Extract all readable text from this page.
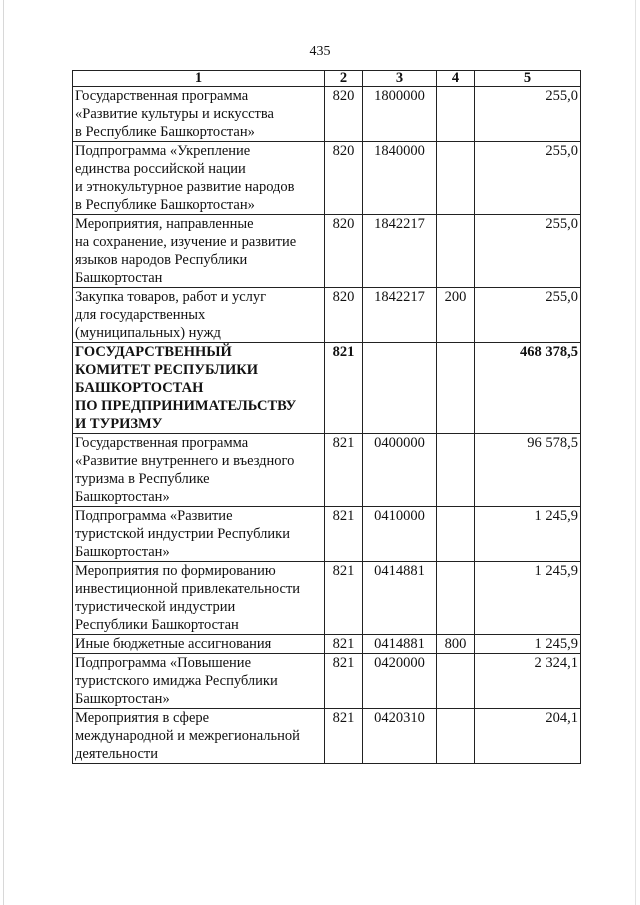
435
1	2	3	4	5
Государственная программа
«Развитие культуры и искусства
в Республике Башкортостан»	820	1800000		255,0
Подпрограмма «Укрепление
единства российской нации
и этнокультурное развитие народов
в Республике Башкортостан»	820	1840000		255,0
Мероприятия, направленные
на сохранение, изучение и развитие
языков народов Республики
Башкортостан	820	1842217		255,0
Закупка товаров, работ и услуг
для государственных
(муниципальных) нужд	820	1842217	200	255,0
ГОСУДАРСТВЕННЫЙ
КОМИТЕТ РЕСПУБЛИКИ
БАШКОРТОСТАН
ПО ПРЕДПРИНИМАТЕЛЬСТВУ
И ТУРИЗМУ	821			468 378,5
Государственная программа
«Развитие внутреннего и въездного
туризма в Республике
Башкортостан»	821	0400000		96 578,5
Подпрограмма «Развитие
туристской индустрии Республики
Башкортостан»	821	0410000		1 245,9
Мероприятия по формированию
инвестиционной привлекательности
туристической индустрии
Республики Башкортостан	821	0414881		1 245,9
Иные бюджетные ассигнования	821	0414881	800	1 245,9
Подпрограмма «Повышение
туристского имиджа Республики
Башкортостан»	821	0420000		2 324,1
Мероприятия в сфере
международной и межрегиональной
деятельности	821	0420310		204,1
